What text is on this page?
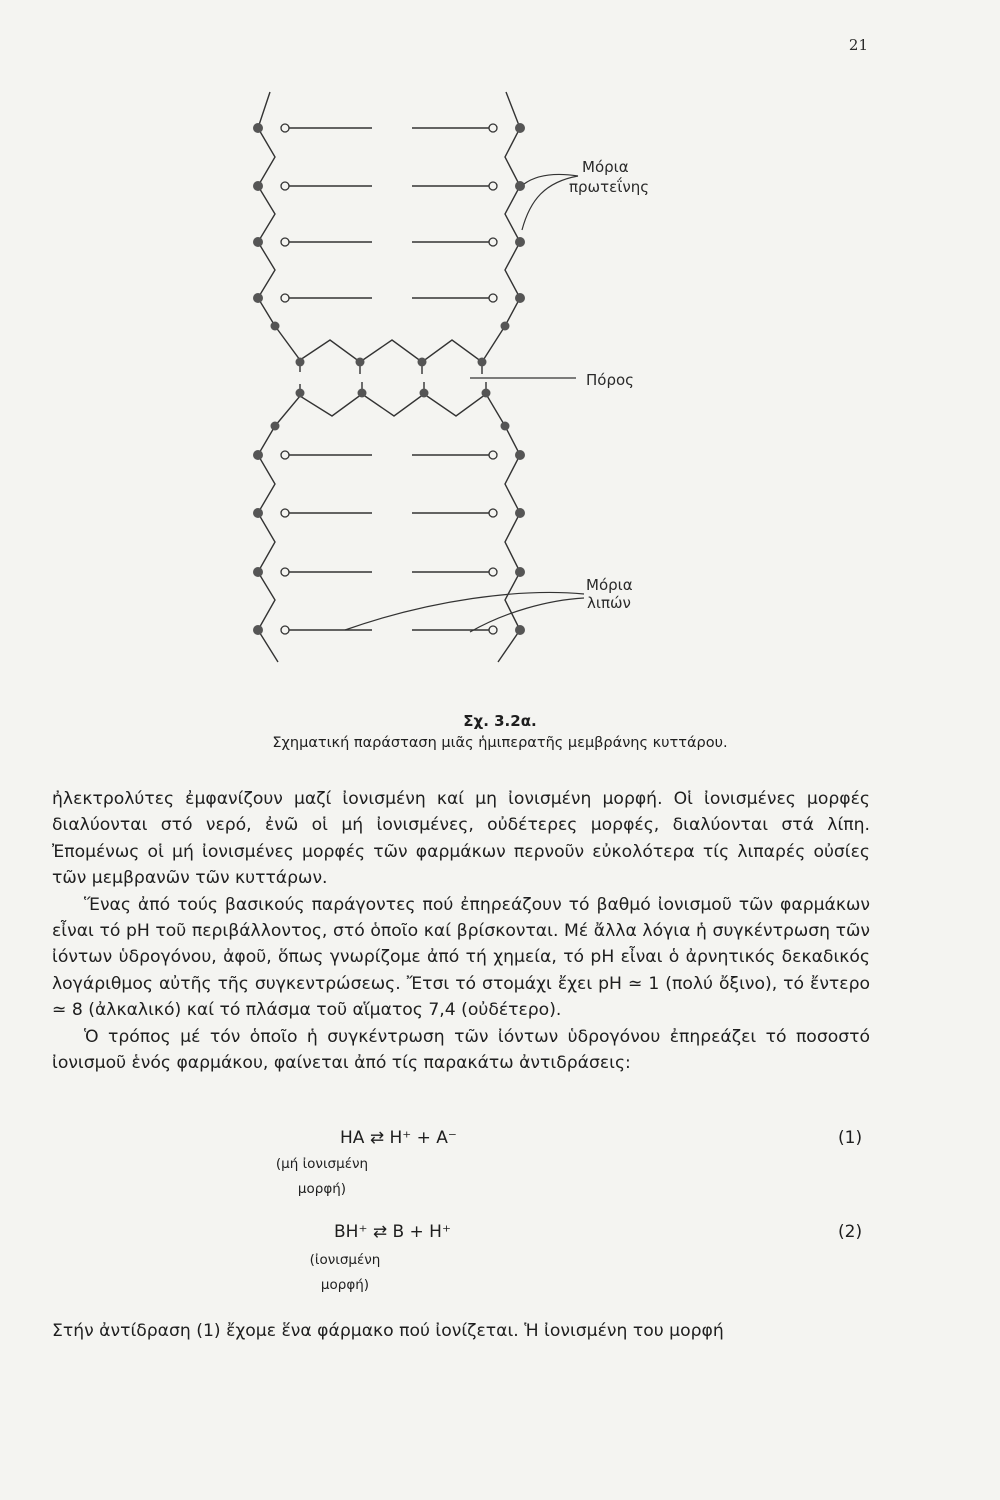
21
Μόρια
πρωτεΐνης
Πόρος
Μόρια
λιπών
Σχ. 3.2α.
Σχηματική παράσταση μιᾶς ἡμιπερατῆς μεμβράνης κυττάρου.

ἠλεκτρολύτες ἐμφανίζουν μαζί ἰονισμένη καί μη ἰονισμένη μορφή. Οἱ ἰονισμένες μορφές διαλύονται στό νερό, ἐνῶ οἱ μή ἰονισμένες, οὐδέτερες μορφές, διαλύονται στά λίπη. Ἐπομένως οἱ μή ἰονισμένες μορφές τῶν φαρμάκων περνοῦν εὐκολότερα τίς λιπαρές οὐσίες τῶν μεμβρανῶν τῶν κυττάρων.

Ἕνας ἀπό τούς βασικούς παράγοντες πού ἐπηρεάζουν τό βαθμό ἰονισμοῦ τῶν φαρμάκων εἶναι τό pH τοῦ περιβάλλοντος, στό ὁποῖο καί βρίσκονται. Μέ ἄλλα λόγια ἡ συγκέντρωση τῶν ἰόντων ὑδρογόνου, ἀφοῦ, ὅπως γνωρίζομε ἀπό τή χημεία, τό pH εἶναι ὁ ἀρνητικός δεκαδικός λογάριθμος αὐτῆς τῆς συγκεντρώσεως. Ἔτσι τό στομάχι ἔχει pH ≃ 1 (πολύ ὄξινο), τό ἔντερο ≃ 8 (ἀλκαλικό) καί τό πλάσμα τοῦ αἵματος 7,4 (οὐδέτερο).

Ὁ τρόπος μέ τόν ὁποῖο ἡ συγκέντρωση τῶν ἰόντων ὑδρογόνου ἐπηρεάζει τό ποσοστό ἰονισμοῦ ἑνός φαρμάκου, φαίνεται ἀπό τίς παρακάτω ἀντιδράσεις:

HA ⇄ H⁺ + A⁻	(1)
(μή ἰονισμένη
μορφή)
BH⁺ ⇄ B + H⁺	(2)
(ἰονισμένη
μορφή)
Στήν ἀντίδραση (1) ἔχομε ἕνα φάρμακο πού ἰονίζεται. Ἡ ἰονισμένη του μορφή
